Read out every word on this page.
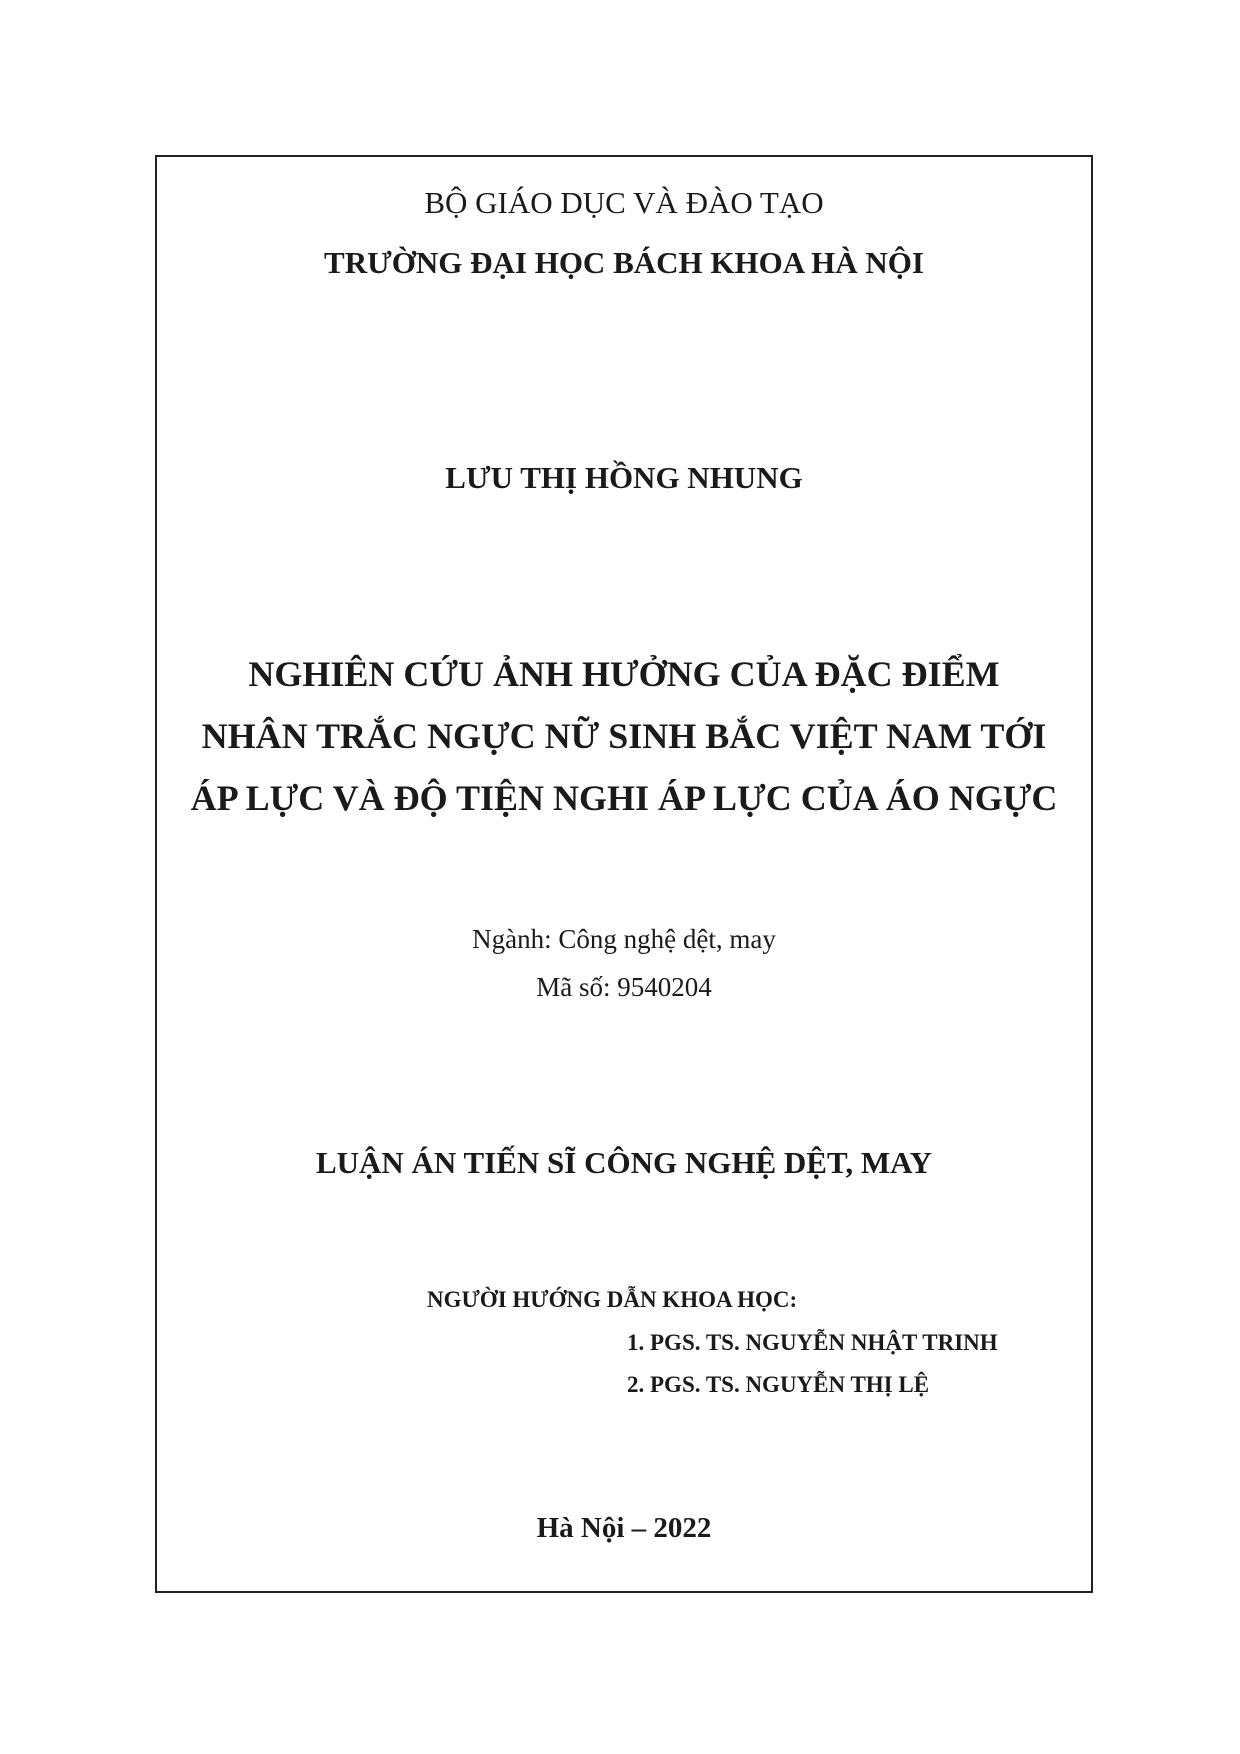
BỘ GIÁO DỤC VÀ ĐÀO TẠO
TRƯỜNG ĐẠI HỌC BÁCH KHOA HÀ NỘI
LƯU THỊ HỒNG NHUNG
NGHIÊN CỨU ẢNH HƯỞNG CỦA ĐẶC ĐIỂM
NHÂN TRẮC NGỰC NỮ SINH BẮC VIỆT NAM TỚI
ÁP LỰC VÀ ĐỘ TIỆN NGHI ÁP LỰC CỦA ÁO NGỰC
Ngành: Công nghệ dệt, may
Mã số: 9540204
LUẬN ÁN TIẾN SĨ CÔNG NGHỆ DỆT, MAY
NGƯỜI HƯỚNG DẪN KHOA HỌC:
1. PGS. TS. NGUYỄN NHẬT TRINH
2. PGS. TS. NGUYỄN THỊ LỆ
Hà Nội – 2022
